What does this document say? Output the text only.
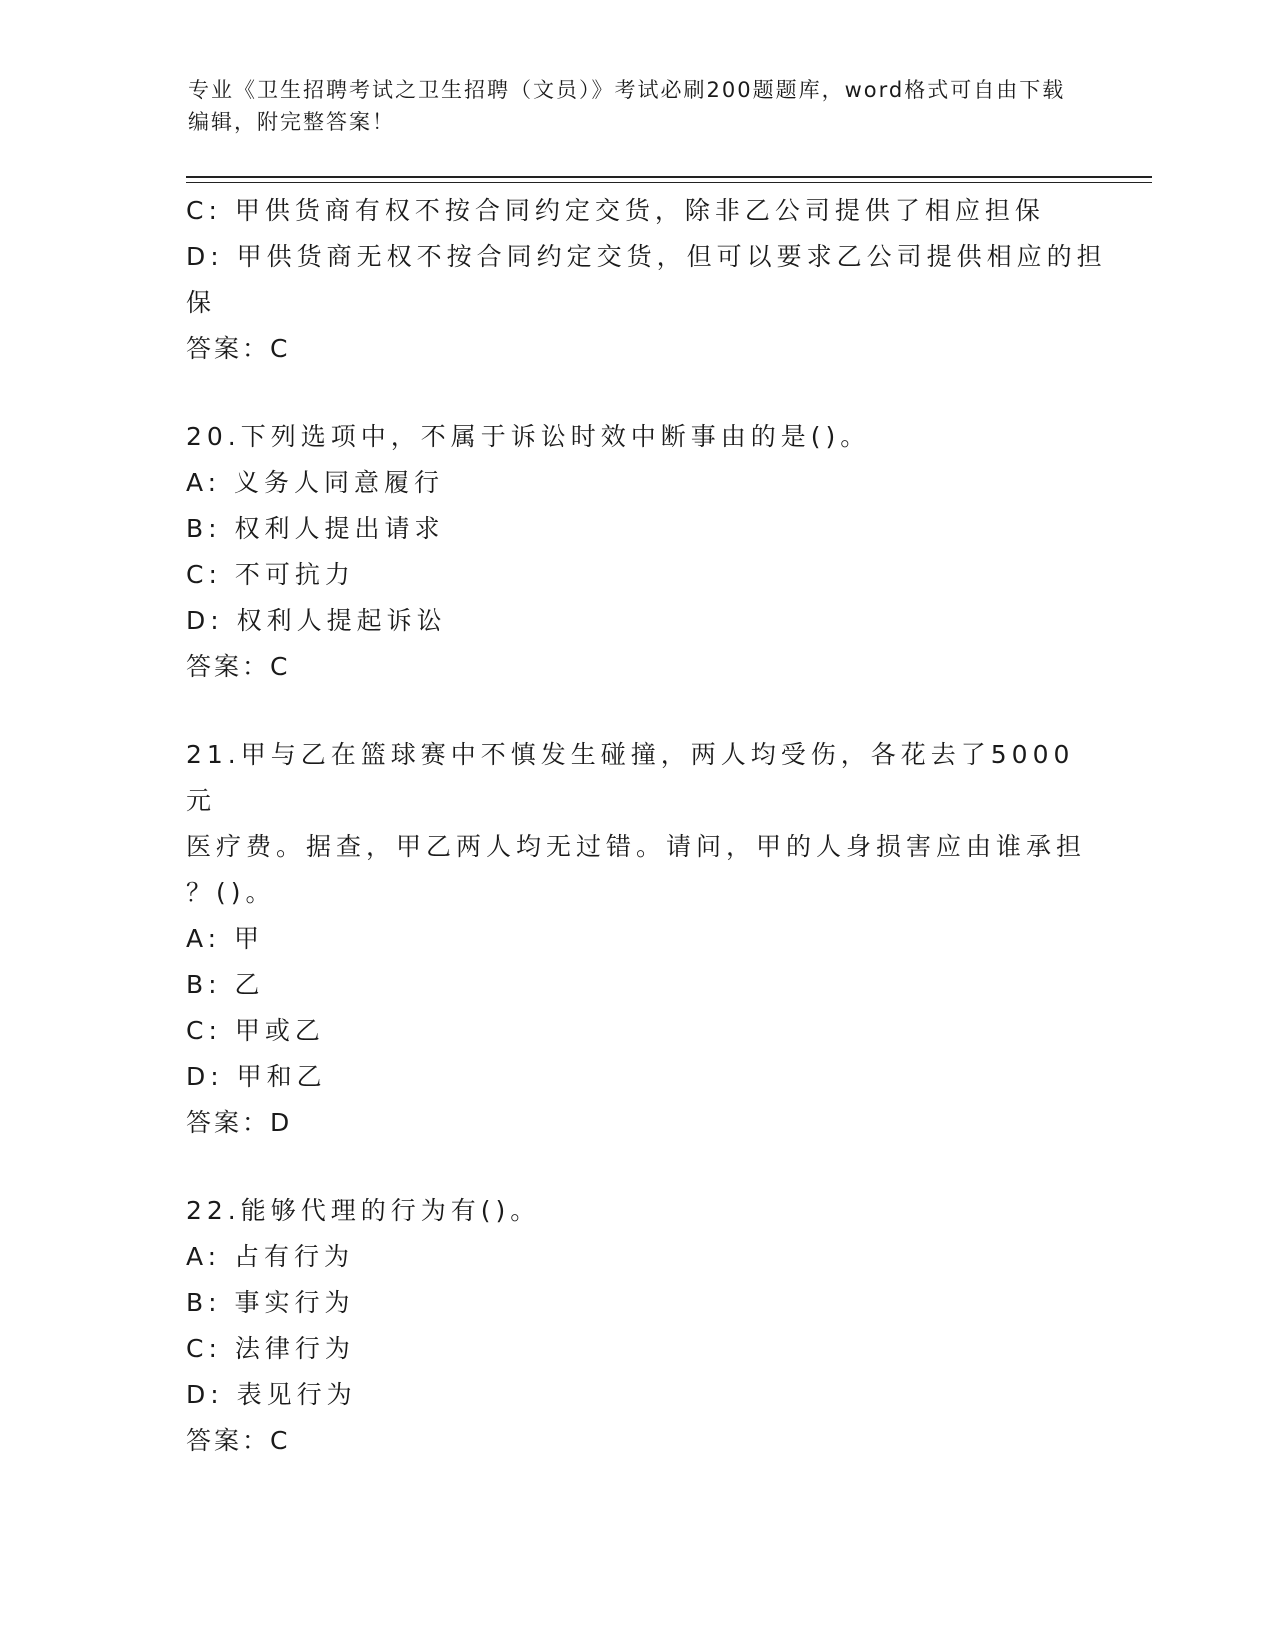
专业《卫生招聘考试之卫生招聘（文员）》考试必刷200题题库，word格式可自由下载编辑，附完整答案！
C: 甲供货商有权不按合同约定交货，除非乙公司提供了相应担保
D: 甲供货商无权不按合同约定交货，但可以要求乙公司提供相应的担
保
答案：C
20.下列选项中，不属于诉讼时效中断事由的是()。
A: 义务人同意履行
B: 权利人提出请求
C: 不可抗力
D: 权利人提起诉讼
答案：C
21.甲与乙在篮球赛中不慎发生碰撞，两人均受伤，各花去了5000元
医疗费。据查，甲乙两人均无过错。请问，甲的人身损害应由谁承担
？()。
A: 甲
B: 乙
C: 甲或乙
D: 甲和乙
答案：D
22.能够代理的行为有()。
A: 占有行为
B: 事实行为
C: 法律行为
D: 表见行为
答案：C
